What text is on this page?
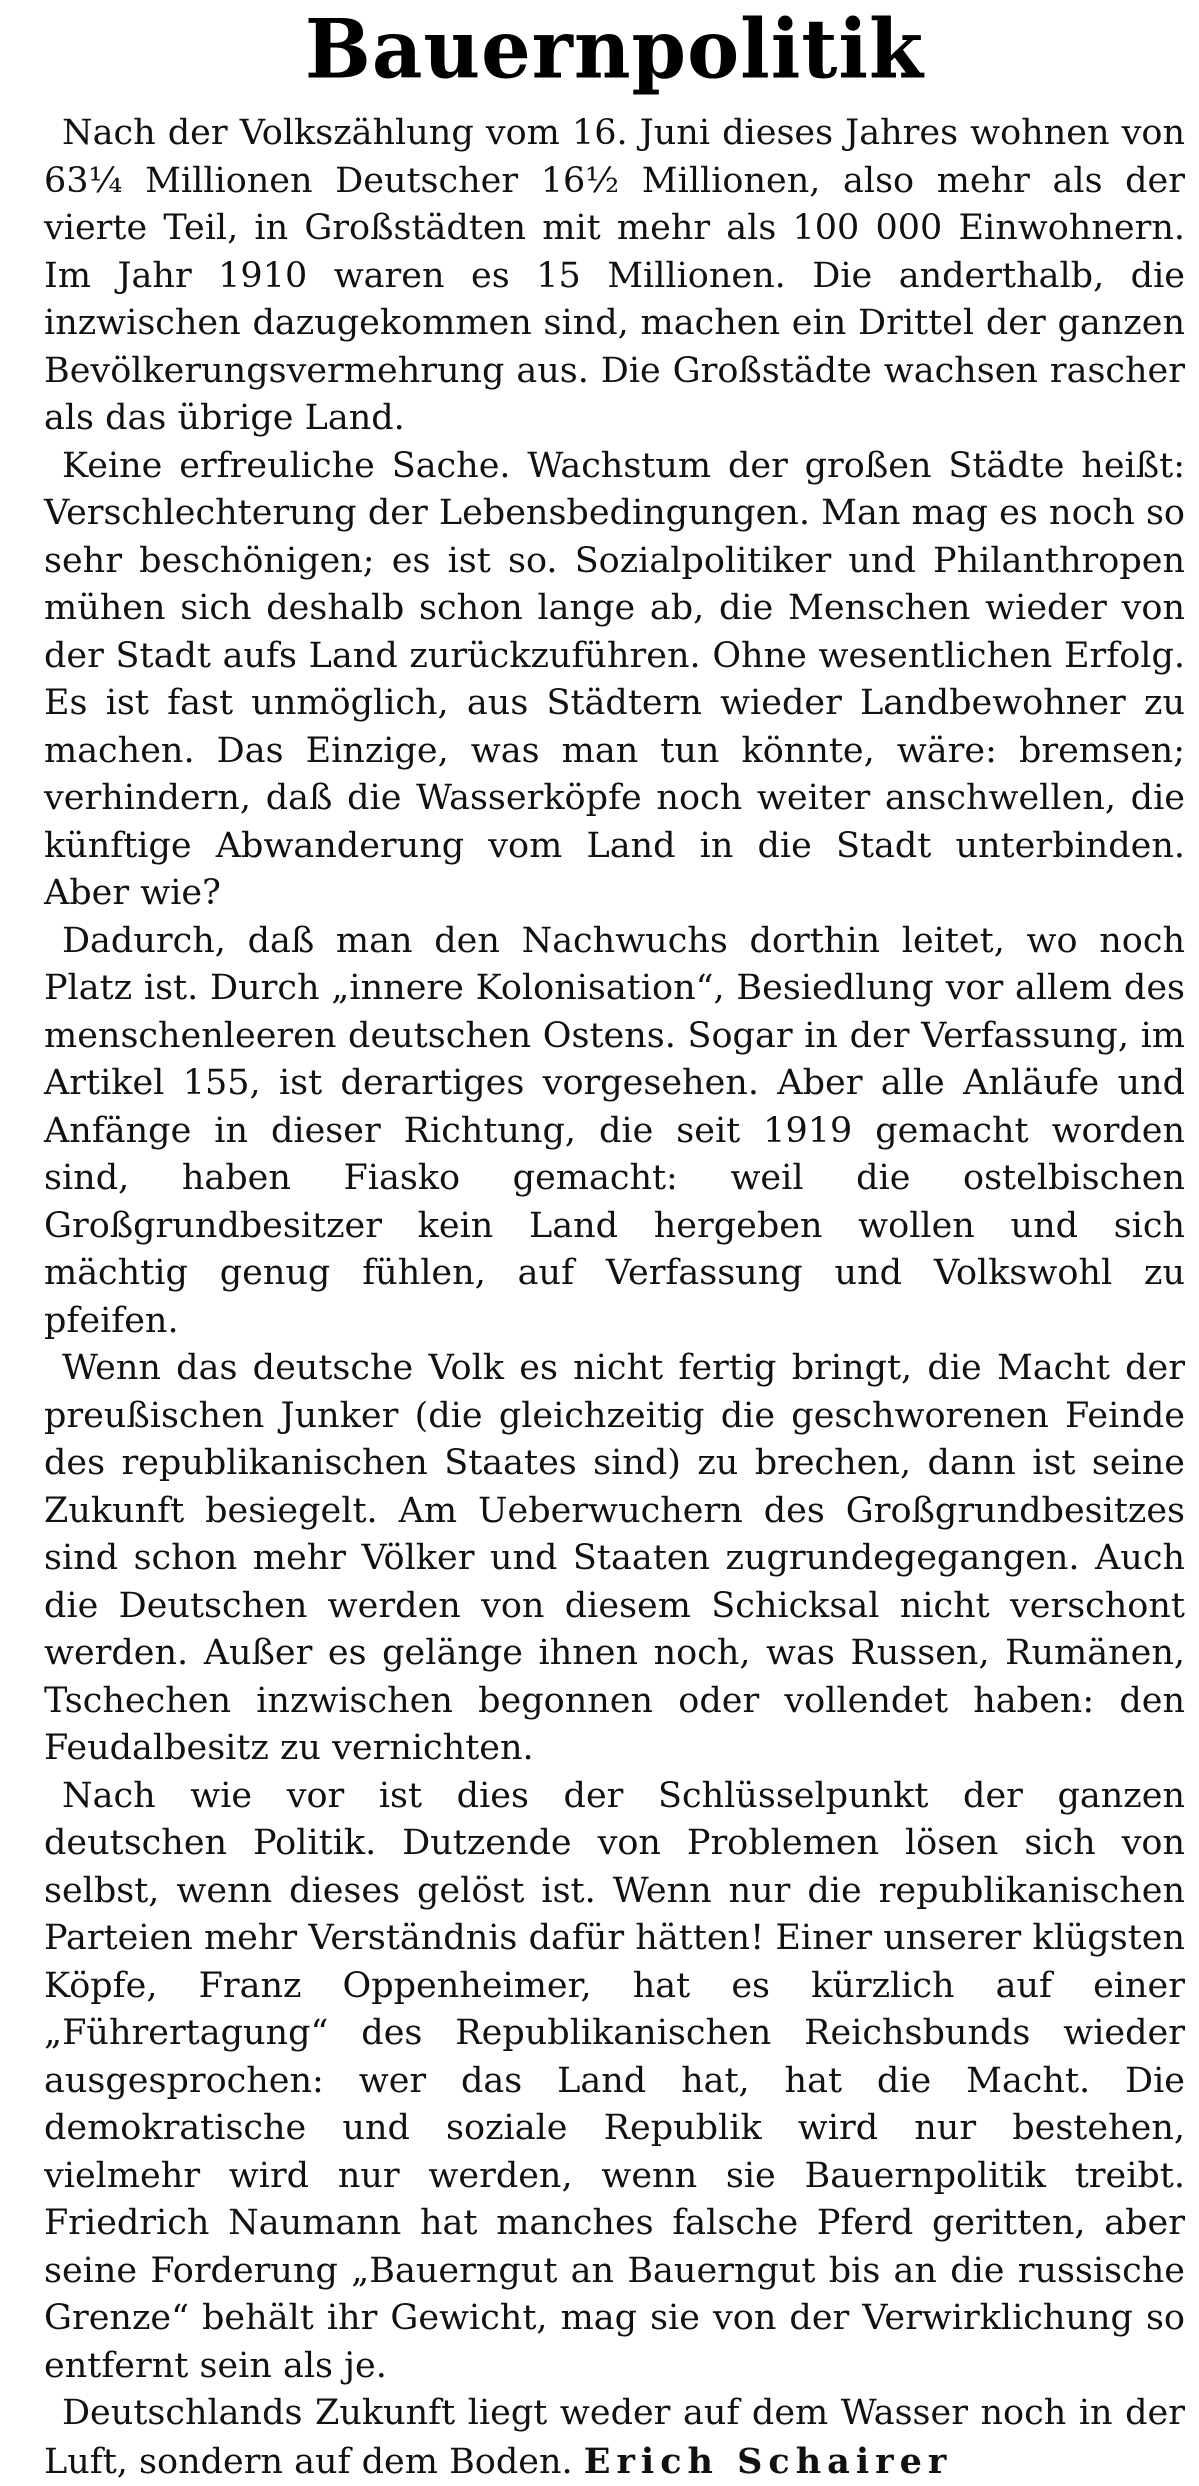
Bauernpolitik

Nach der Volkszählung vom 16. Juni dieses Jahres wohnen von 63¼ Millionen Deutscher 16½ Millionen, also mehr als der vierte Teil, in Großstädten mit mehr als 100 000 Einwohnern. Im Jahr 1910 waren es 15 Millionen. Die anderthalb, die inzwischen dazugekommen sind, machen ein Drittel der ganzen Bevölkerungsvermehrung aus. Die Großstädte wachsen rascher als das übrige Land.

Keine erfreuliche Sache. Wachstum der großen Städte heißt: Verschlechterung der Lebensbedingungen. Man mag es noch so sehr beschönigen; es ist so. Sozialpolitiker und Philanthropen mühen sich deshalb schon lange ab, die Menschen wieder von der Stadt aufs Land zurückzuführen. Ohne wesentlichen Erfolg. Es ist fast unmöglich, aus Städtern wieder Landbewohner zu machen. Das Einzige, was man tun könnte, wäre: bremsen; verhindern, daß die Wasserköpfe noch weiter anschwellen, die künftige Abwanderung vom Land in die Stadt unterbinden. Aber wie?

Dadurch, daß man den Nachwuchs dorthin leitet, wo noch Platz ist. Durch „innere Kolonisation“, Besiedlung vor allem des menschenleeren deutschen Ostens. Sogar in der Verfassung, im Artikel 155, ist derartiges vorgesehen. Aber alle Anläufe und Anfänge in dieser Richtung, die seit 1919 gemacht worden sind, haben Fiasko gemacht: weil die ostelbischen Großgrundbesitzer kein Land hergeben wollen und sich mächtig genug fühlen, auf Verfassung und Volkswohl zu pfeifen.

Wenn das deutsche Volk es nicht fertig bringt, die Macht der preußischen Junker (die gleichzeitig die geschworenen Feinde des republikanischen Staates sind) zu brechen, dann ist seine Zukunft besiegelt. Am Ueberwuchern des Großgrundbesitzes sind schon mehr Völker und Staaten zugrundegegangen. Auch die Deutschen werden von diesem Schicksal nicht verschont werden. Außer es gelänge ihnen noch, was Russen, Rumänen, Tschechen inzwischen begonnen oder vollendet haben: den Feudalbesitz zu vernichten.

Nach wie vor ist dies der Schlüsselpunkt der ganzen deutschen Politik. Dutzende von Problemen lösen sich von selbst, wenn dieses gelöst ist. Wenn nur die republikanischen Parteien mehr Verständnis dafür hätten! Einer unserer klügsten Köpfe, Franz Oppenheimer, hat es kürzlich auf einer „Führertagung“ des Republikanischen Reichsbunds wieder ausgesprochen: wer das Land hat, hat die Macht. Die demokratische und soziale Republik wird nur bestehen, vielmehr wird nur werden, wenn sie Bauernpolitik treibt. Friedrich Naumann hat manches falsche Pferd geritten, aber seine Forderung „Bauerngut an Bauerngut bis an die russische Grenze“ behält ihr Gewicht, mag sie von der Verwirklichung so entfernt sein als je.

Deutschlands Zukunft liegt weder auf dem Wasser noch in der Luft, sondern auf dem Boden. Erich Schairer
